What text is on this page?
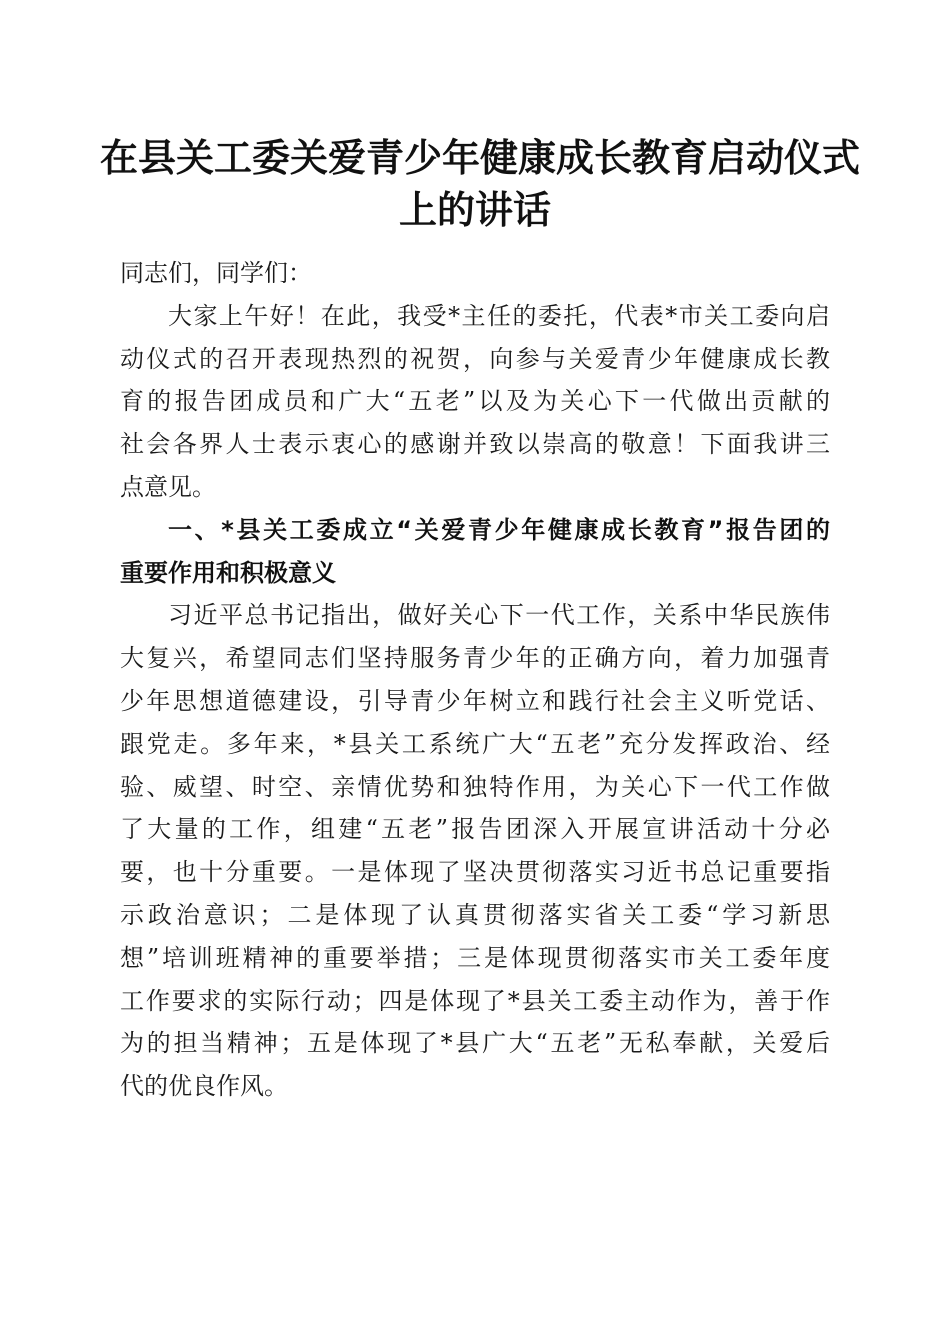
在县关工委关爱青少年健康成长教育启动仪式
上的讲话

同志们，同学们：

大家上午好！在此，我受*主任的委托，代表*市关工委向启
动仪式的召开表现热烈的祝贺，向参与关爱青少年健康成长教
育的报告团成员和广大“五老”以及为关心下一代做出贡献的
社会各界人士表示衷心的感谢并致以崇高的敬意！下面我讲三
点意见。
一、*县关工委成立“关爱青少年健康成长教育”报告团的
重要作用和积极意义
习近平总书记指出，做好关心下一代工作，关系中华民族伟
大复兴，希望同志们坚持服务青少年的正确方向，着力加强青
少年思想道德建设，引导青少年树立和践行社会主义听党话、
跟党走。多年来，*县关工系统广大“五老”充分发挥政治、经
验、威望、时空、亲情优势和独特作用，为关心下一代工作做
了大量的工作，组建“五老”报告团深入开展宣讲活动十分必
要，也十分重要。一是体现了坚决贯彻落实习近书总记重要指
示政治意识；二是体现了认真贯彻落实省关工委“学习新思
想”培训班精神的重要举措；三是体现贯彻落实市关工委年度
工作要求的实际行动；四是体现了*县关工委主动作为，善于作
为的担当精神；五是体现了*县广大“五老”无私奉献，关爱后
代的优良作风。
